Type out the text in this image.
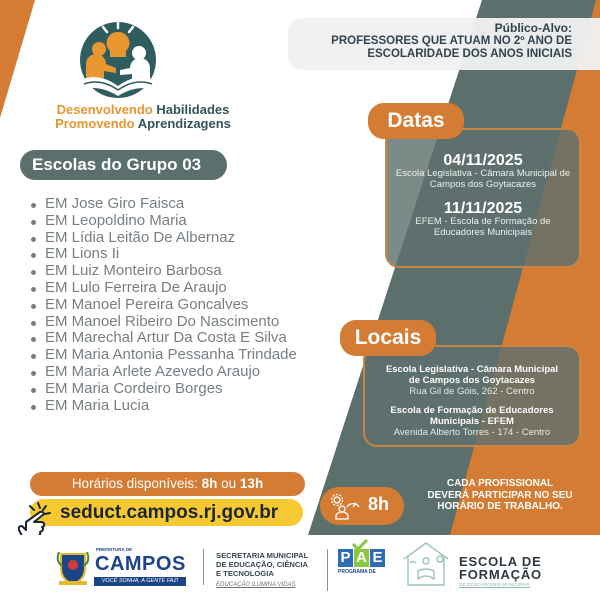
Desenvolvendo Habilidades
Promovendo Aprendizagens
Público-Alvo:
PROFESSORES QUE ATUAM NO 2º ANO DE
ESCOLARIDADE DOS ANOS INICIAIS
Escolas do Grupo 03
EM Jose Giro Faisca
EM Leopoldino Maria
EM Lídia Leitão De Albernaz
EM Lions Ii
EM Luiz Monteiro Barbosa
EM Lulo Ferreira De Araujo
EM Manoel Pereira Goncalves
EM Manoel Ribeiro Do Nascimento
EM Marechal Artur Da Costa E Silva
EM Maria Antonia Pessanha Trindade
EM Maria Arlete Azevedo Araujo
EM Maria Cordeiro Borges
EM Maria Lucia
04/11/2025
Escola Legislativa - Câmara Municipal de
Campos dos Goytacazes
11/11/2025
EFEM - Escola de Formação de
Educadores Municipais
Datas
Escola Legislativa - Câmara Municipal
de Campos dos Goytacazes
Rua Gil de Góis, 262 - Centro
Escola de Formação de Educadores
Municipais - EFEM
Avenida Alberto Torres - 174 - Centro
Locais
Horários disponíveis: 8h ou 13h
seduct.campos.rj.gov.br	8h
CADA PROFISSIONAL
DEVERÁ PARTICIPAR NO SEU
HORÁRIO DE TRABALHO.
PREFEITURA DE
CAMPOS
VOCÊ SONHA, A GENTE FAZ!
SECRETARIA MUNICIPAL
DE EDUCAÇÃO, CIÊNCIA
E TECNOLOGIA
EDUCAÇÃO ILUMINA VIDAS
P A E
PROGRAMA DE
ESCOLA DE
FORMAÇÃO
DE EDUCADORES MUNICIPAIS
